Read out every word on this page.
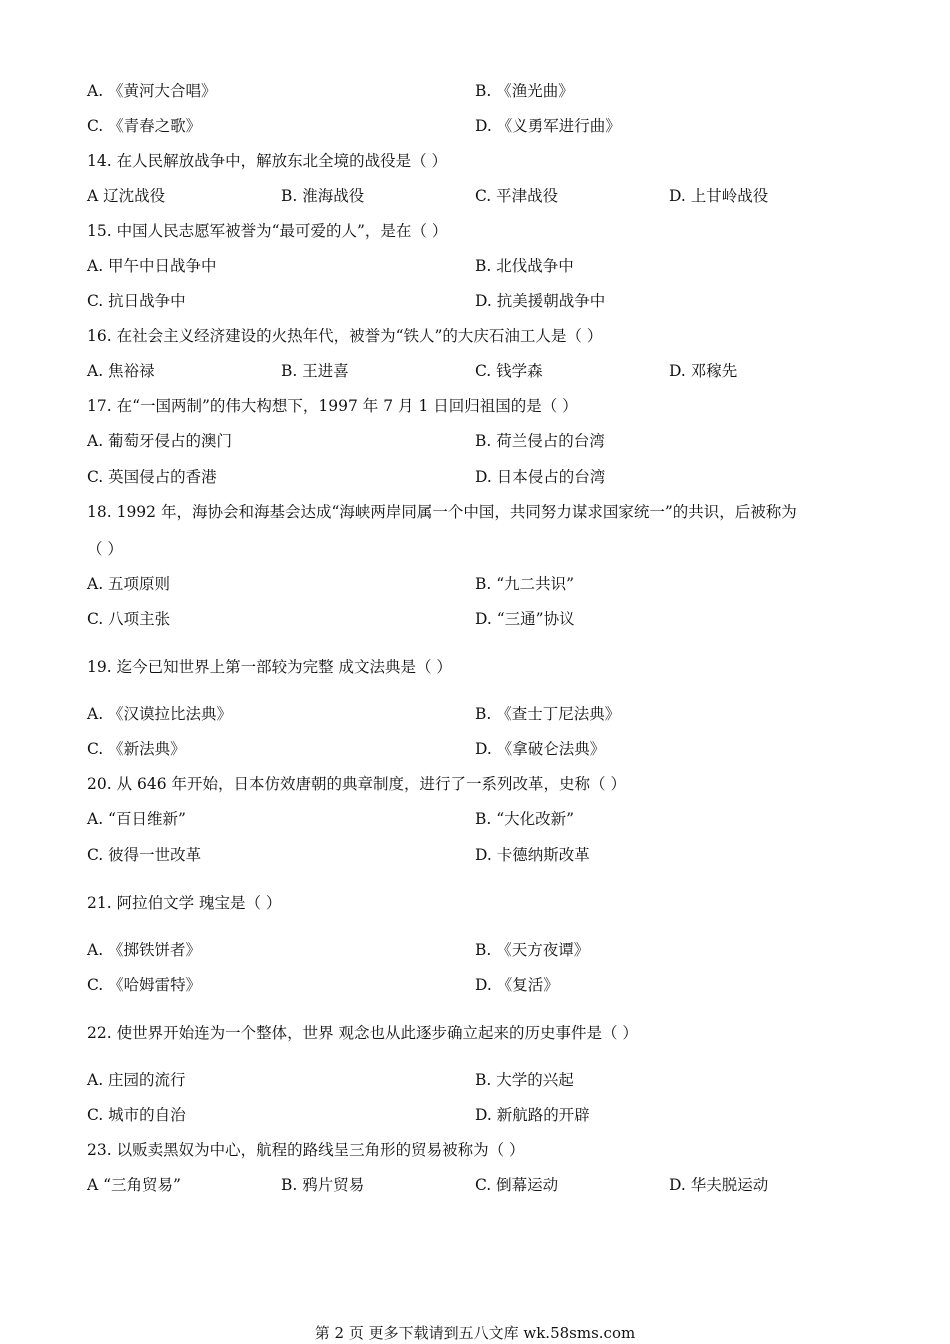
A. 《黄河大合唱》	B. 《渔光曲》
C. 《青春之歌》	D. 《义勇军进行曲》
14. 在人民解放战争中，解放东北全境的战役是（ ）
A 辽沈战役	B. 淮海战役	C. 平津战役	D. 上甘岭战役
15. 中国人民志愿军被誉为“最可爱的人”，是在（ ）
A. 甲午中日战争中	B. 北伐战争中
C. 抗日战争中	D. 抗美援朝战争中
16. 在社会主义经济建设的火热年代，被誉为“铁人”的大庆石油工人是（ ）
A. 焦裕禄	B. 王进喜	C. 钱学森	D. 邓稼先
17. 在“一国两制”的伟大构想下，1997 年 7 月 1 日回归祖国的是（ ）
A. 葡萄牙侵占的澳门	B. 荷兰侵占的台湾
C. 英国侵占的香港	D. 日本侵占的台湾
18. 1992 年，海协会和海基会达成“海峡两岸同属一个中国，共同努力谋求国家统一”的共识，后被称为
（ ）
A. 五项原则	B. “九二共识”
C. 八项主张	D. “三通”协议
19. 迄今已知世界上第一部较为完整 成文法典是（ ）
A. 《汉谟拉比法典》	B. 《查士丁尼法典》
C. 《新法典》	D. 《拿破仑法典》
20. 从 646 年开始，日本仿效唐朝的典章制度，进行了一系列改革，史称（ ）
A. “百日维新”	B. “大化改新”
C. 彼得一世改革	D. 卡德纳斯改革
21. 阿拉伯文学 瑰宝是（ ）
A. 《掷铁饼者》	B. 《天方夜谭》
C. 《哈姆雷特》	D. 《复活》
22. 使世界开始连为一个整体，世界 观念也从此逐步确立起来的历史事件是（ ）
A. 庄园的流行	B. 大学的兴起
C. 城市的自治	D. 新航路的开辟
23. 以贩卖黑奴为中心，航程的路线呈三角形的贸易被称为（ ）
A “三角贸易”	B. 鸦片贸易	C. 倒幕运动	D. 华夫脱运动
第 2 页 更多下载请到五八文库 wk.58sms.com
